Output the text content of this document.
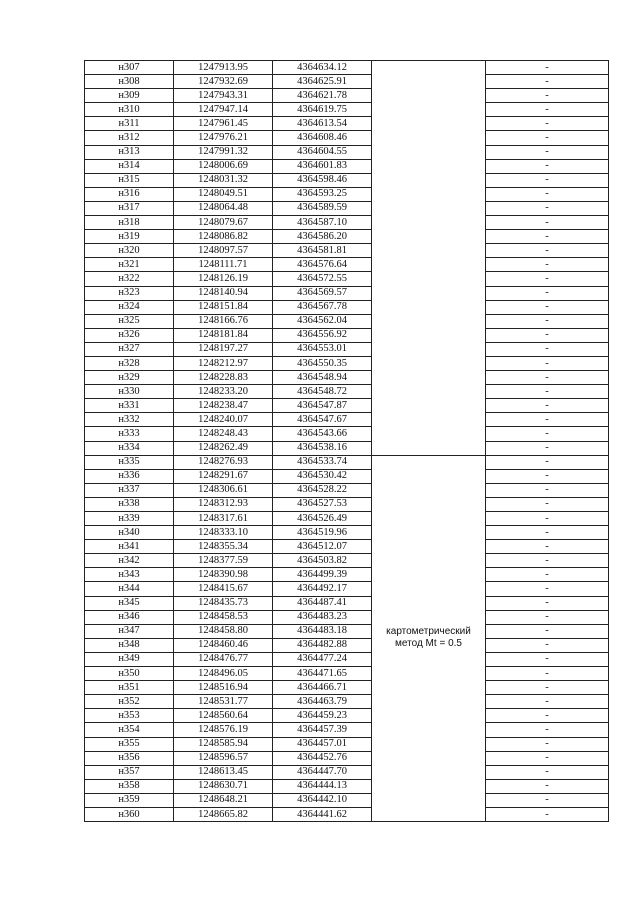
н307	1247913.95	4364634.12		-
н308	1247932.69	4364625.91		-
н309	1247943.31	4364621.78		-
н310	1247947.14	4364619.75		-
н311	1247961.45	4364613.54		-
н312	1247976.21	4364608.46		-
н313	1247991.32	4364604.55		-
н314	1248006.69	4364601.83		-
н315	1248031.32	4364598.46		-
н316	1248049.51	4364593.25		-
н317	1248064.48	4364589.59		-
н318	1248079.67	4364587.10		-
н319	1248086.82	4364586.20		-
н320	1248097.57	4364581.81		-
н321	1248111.71	4364576.64		-
н322	1248126.19	4364572.55		-
н323	1248140.94	4364569.57		-
н324	1248151.84	4364567.78		-
н325	1248166.76	4364562.04		-
н326	1248181.84	4364556.92		-
н327	1248197.27	4364553.01		-
н328	1248212.97	4364550.35		-
н329	1248228.83	4364548.94		-
н330	1248233.20	4364548.72		-
н331	1248238.47	4364547.87		-
н332	1248240.07	4364547.67		-
н333	1248248.43	4364543.66		-
н334	1248262.49	4364538.16		-
н335	1248276.93	4364533.74	картометрический метод Mt = 0.5	-
н336	1248291.67	4364530.42		-
н337	1248306.61	4364528.22		-
н338	1248312.93	4364527.53		-
н339	1248317.61	4364526.49		-
н340	1248333.10	4364519.96		-
н341	1248355.34	4364512.07		-
н342	1248377.59	4364503.82		-
н343	1248390.98	4364499.39		-
н344	1248415.67	4364492.17		-
н345	1248435.73	4364487.41		-
н346	1248458.53	4364483.23		-
н347	1248458.80	4364483.18		-
н348	1248460.46	4364482.88		-
н349	1248476.77	4364477.24		-
н350	1248496.05	4364471.65		-
н351	1248516.94	4364466.71		-
н352	1248531.77	4364463.79		-
н353	1248560.64	4364459.23		-
н354	1248576.19	4364457.39		-
н355	1248585.94	4364457.01		-
н356	1248596.57	4364452.76		-
н357	1248613.45	4364447.70		-
н358	1248630.71	4364444.13		-
н359	1248648.21	4364442.10		-
н360	1248665.82	4364441.62		-
